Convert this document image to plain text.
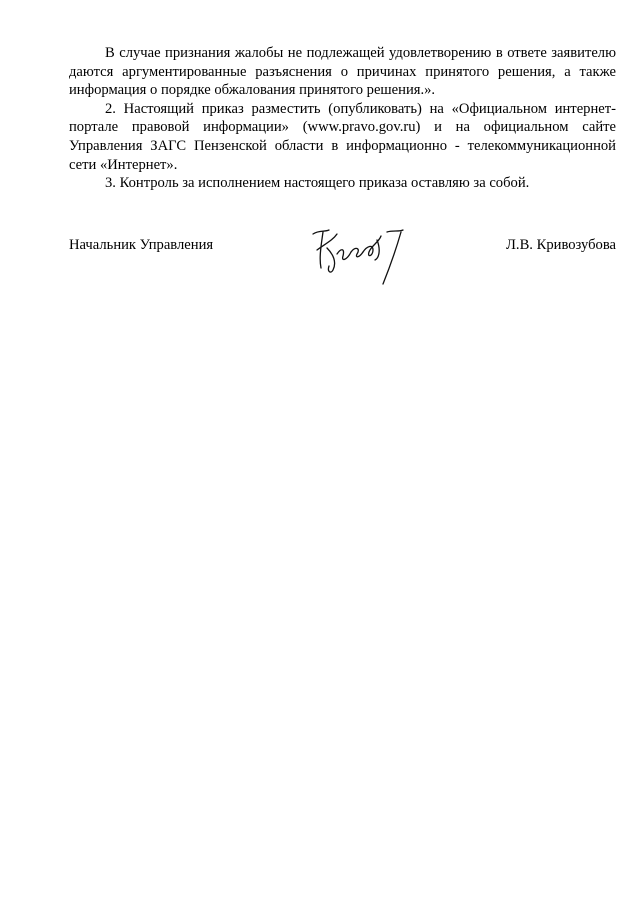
В случае признания жалобы не подлежащей удовлетворению в ответе заявителю даются аргументированные разъяснения о причинах принятого решения, а также информация о порядке обжалования принятого решения.».

2. Настоящий приказ разместить (опубликовать) на «Официальном интернет-портале правовой информации» (www.pravo.gov.ru) и на официальном сайте Управления ЗАГС Пензенской области в информационно - телекоммуникационной сети «Интернет».

3. Контроль за исполнением настоящего приказа оставляю за собой.

Начальник Управления	Л.В. Кривозубова
